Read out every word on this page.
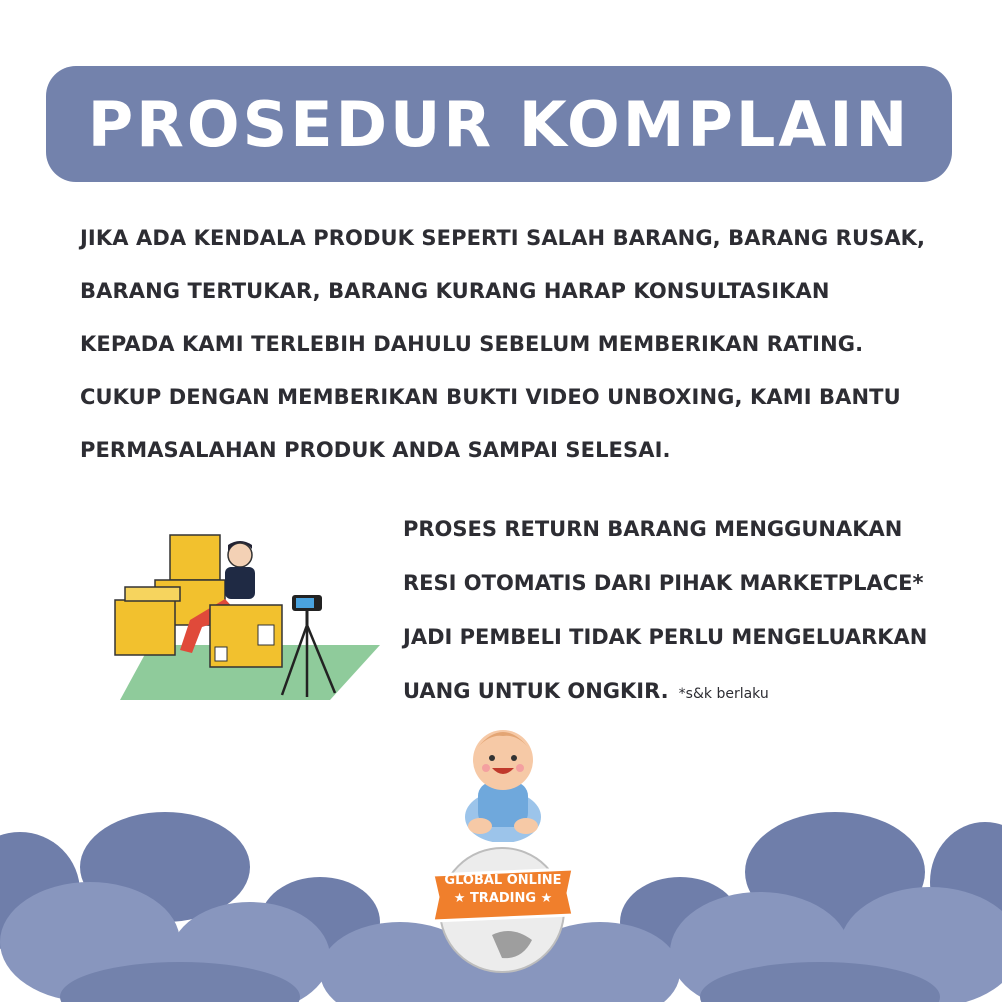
PROSEDUR KOMPLAIN
JIKA ADA KENDALA PRODUK SEPERTI SALAH BARANG, BARANG RUSAK,
BARANG TERTUKAR, BARANG KURANG HARAP KONSULTASIKAN
KEPADA KAMI TERLEBIH DAHULU SEBELUM MEMBERIKAN RATING.
CUKUP DENGAN MEMBERIKAN BUKTI VIDEO UNBOXING, KAMI BANTU
PERMASALAHAN PRODUK ANDA SAMPAI SELESAI.
PROSES RETURN BARANG MENGGUNAKAN
RESI OTOMATIS DARI PIHAK MARKETPLACE*
JADI PEMBELI TIDAK PERLU MENGELUARKAN
UANG UNTUK ONGKIR. *s&k berlaku
GLOBAL ONLINE
★ TRADING ★
